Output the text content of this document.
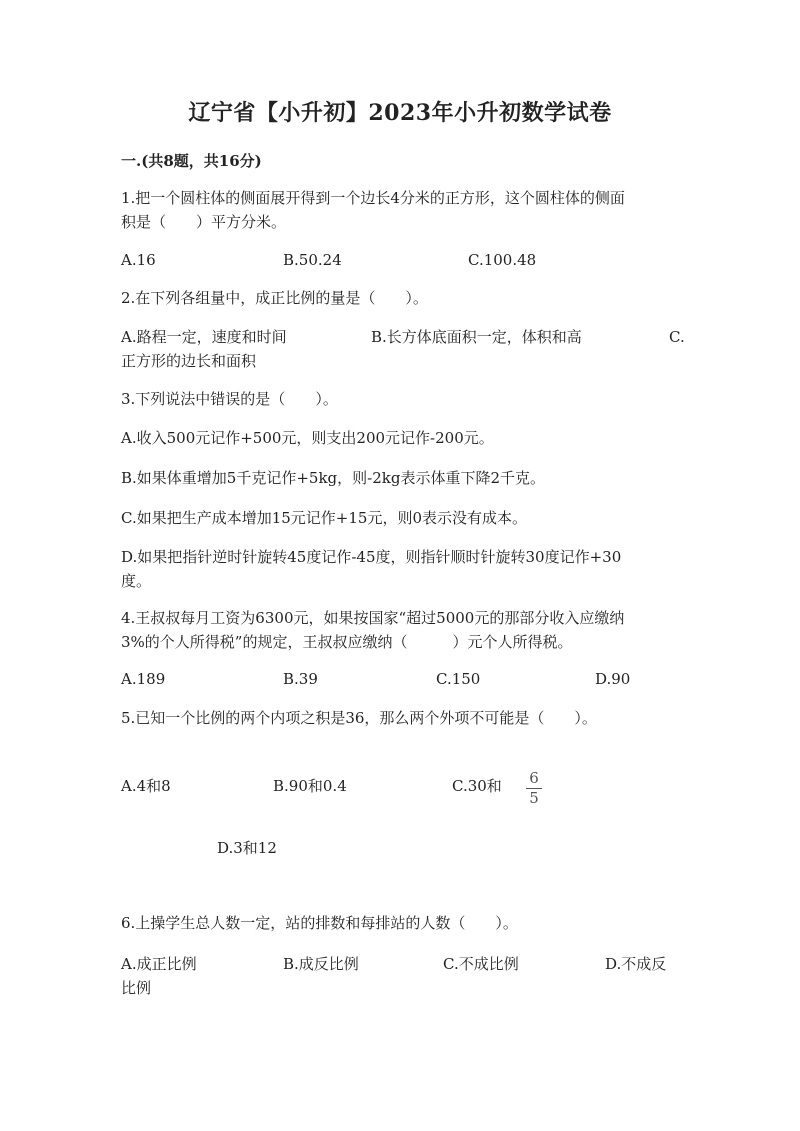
辽宁省【小升初】2023年小升初数学试卷
一.(共8题，共16分)
1.把一个圆柱体的侧面展开得到一个边长4分米的正方形，这个圆柱体的侧面
积是（　　）平方分米。
A.16	B.50.24	C.100.48
2.在下列各组量中，成正比例的量是（　　）。
A.路程一定，速度和时间	B.长方体底面积一定，体积和高	C.
正方形的边长和面积
3.下列说法中错误的是（　　）。
A.收入500元记作+500元，则支出200元记作-200元。
B.如果体重增加5千克记作+5kg，则-2kg表示体重下降2千克。
C.如果把生产成本增加15元记作+15元，则0表示没有成本。
D.如果把指针逆时针旋转45度记作-45度，则指针顺时针旋转30度记作+30
度。
4.王叔叔每月工资为6300元，如果按国家“超过5000元的那部分收入应缴纳
3%的个人所得税”的规定，王叔叔应缴纳（　　　）元个人所得税。
A.189	B.39	C.150	D.90
5.已知一个比例的两个内项之积是36，那么两个外项不可能是（　　）。
A.4和8	B.90和0.4	C.30和	6
5
D.3和12
6.上操学生总人数一定，站的排数和每排站的人数（　　）。
A.成正比例	B.成反比例	C.不成比例	D.不成反
比例
